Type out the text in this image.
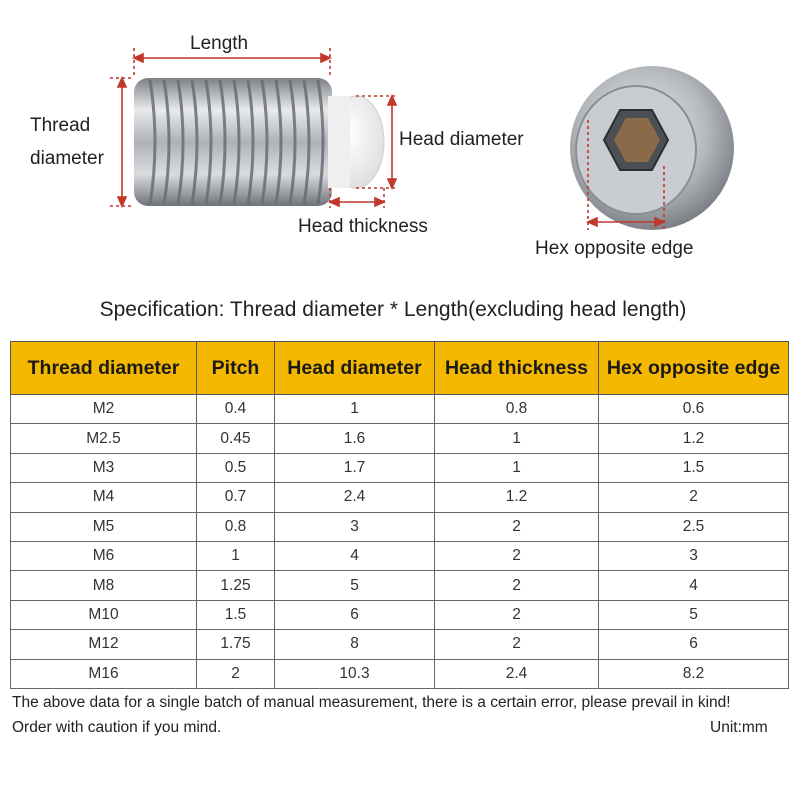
Length
Thread
diameter
Head diameter
Head thickness
Hex opposite edge
Specification: Thread diameter * Length(excluding head length)
Thread diameter	Pitch	Head diameter	Head thickness	Hex opposite edge
M2	0.4	1	0.8	0.6
M2.5	0.45	1.6	1	1.2
M3	0.5	1.7	1	1.5
M4	0.7	2.4	1.2	2
M5	0.8	3	2	2.5
M6	1	4	2	3
M8	1.25	5	2	4
M10	1.5	6	2	5
M12	1.75	8	2	6
M16	2	10.3	2.4	8.2
The above data for a single batch of manual measurement, there is a certain error, please prevail in kind!
Order with caution if you mind.	Unit:mm
